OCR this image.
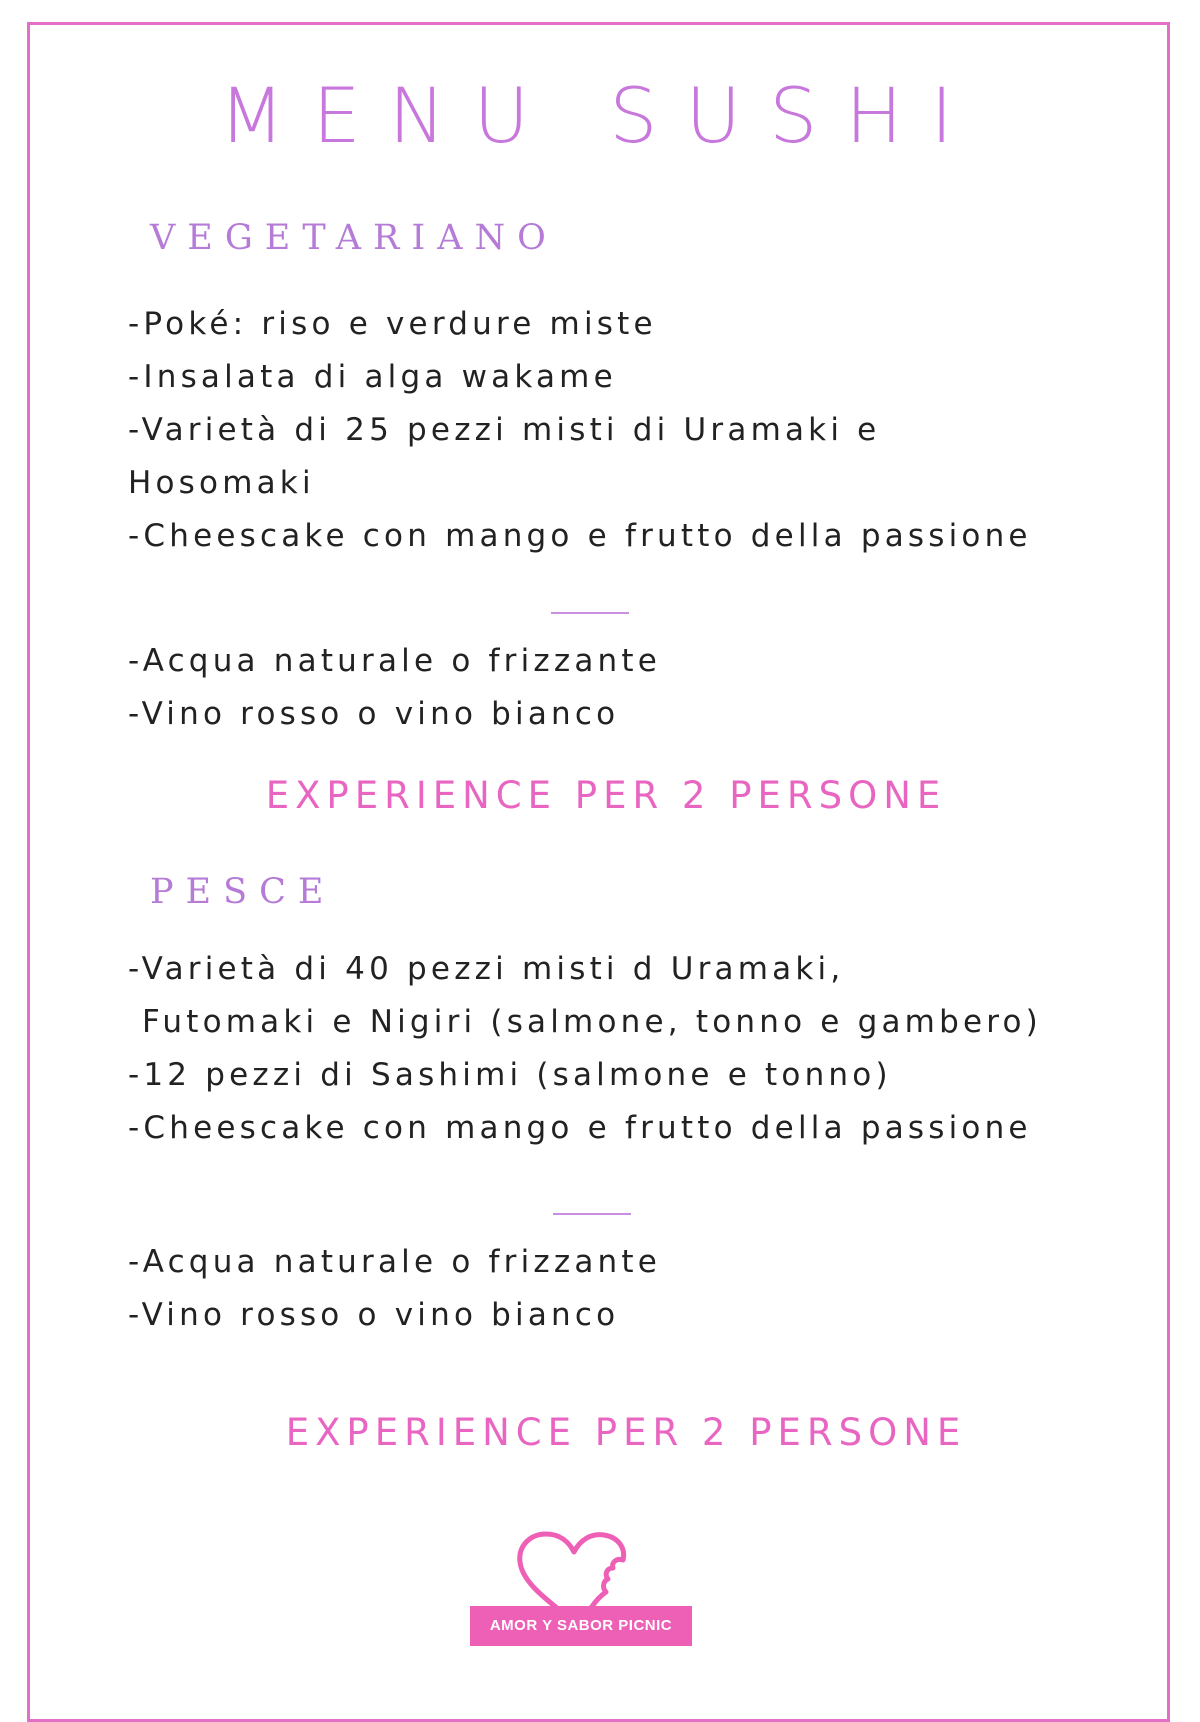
MENU SUSHI
VEGETARIANO
-Poké: riso e verdure miste
-Insalata di alga wakame
-Varietà di 25 pezzi misti di Uramaki e
Hosomaki
-Cheescake con mango e frutto della passione
-Acqua naturale o frizzante
-Vino rosso o vino bianco
EXPERIENCE PER 2 PERSONE
PESCE
-Varietà di 40 pezzi misti d Uramaki,
Futomaki e Nigiri (salmone, tonno e gambero)
-12 pezzi di Sashimi (salmone e tonno)
-Cheescake con mango e frutto della passione
-Acqua naturale o frizzante
-Vino rosso o vino bianco
EXPERIENCE PER 2 PERSONE
AMOR Y SABOR PICNIC
